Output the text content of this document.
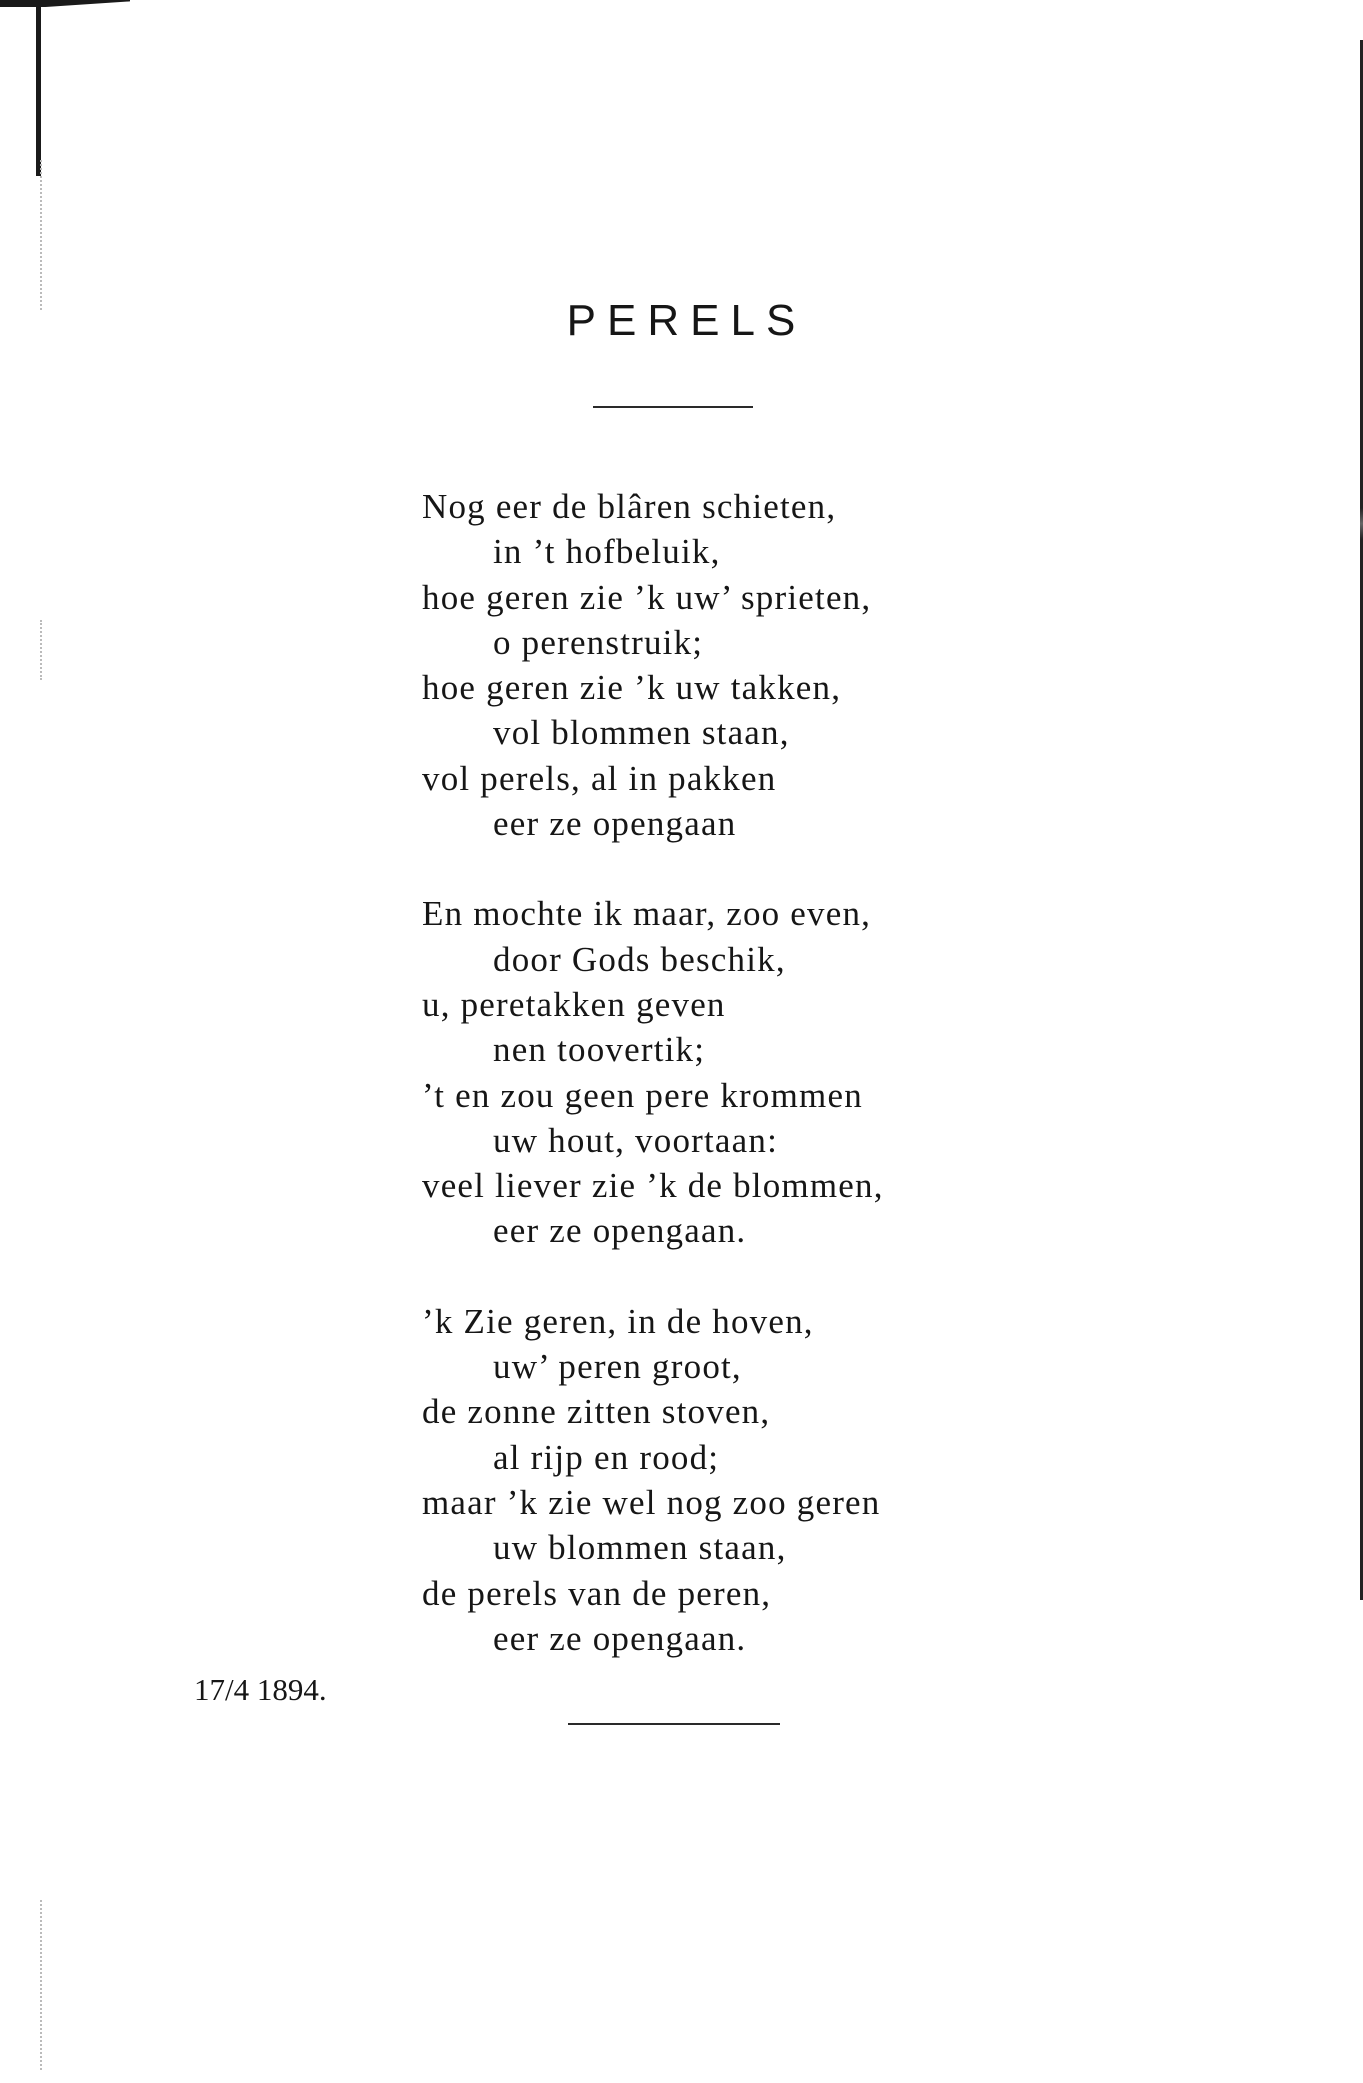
PERELS
Nog eer de blâren schieten,
in ’t hofbeluik,
hoe geren zie ’k uw’ sprieten,
o perenstruik;
hoe geren zie ’k uw takken,
vol blommen staan,
vol perels, al in pakken
eer ze opengaan
En mochte ik maar, zoo even,
door Gods beschik,
u, peretakken geven
nen toovertik;
’t en zou geen pere krommen
uw hout, voortaan:
veel liever zie ’k de blommen,
eer ze opengaan.
’k Zie geren, in de hoven,
uw’ peren groot,
de zonne zitten stoven,
al rijp en rood;
maar ’k zie wel nog zoo geren
uw blommen staan,
de perels van de peren,
eer ze opengaan.
17/4 1894.
